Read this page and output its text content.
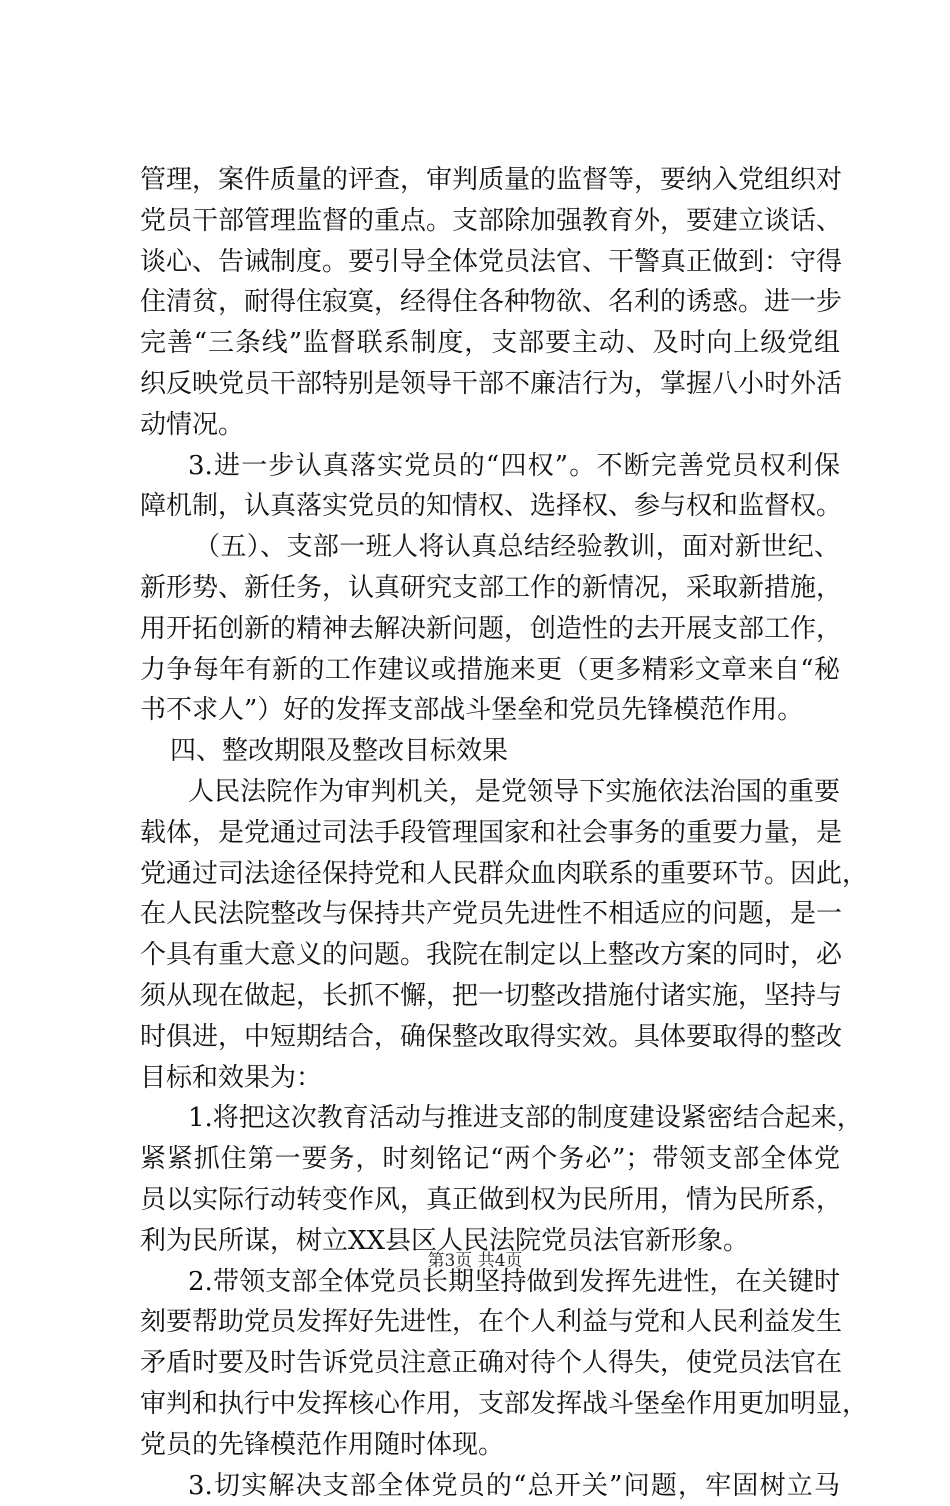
管理，案件质量的评查，审判质量的监督等，要纳入党组织对
党员干部管理监督的重点。支部除加强教育外，要建立谈话、
谈心、告诫制度。要引导全体党员法官、干警真正做到：守得
住清贫，耐得住寂寞，经得住各种物欲、名利的诱惑。进一步
完善“三条线”监督联系制度，支部要主动、及时向上级党组
织反映党员干部特别是领导干部不廉洁行为，掌握八小时外活
动情况。
3.进一步认真落实党员的“四权”。不断完善党员权利保
障机制，认真落实党员的知情权、选择权、参与权和监督权。
（五）、支部一班人将认真总结经验教训，面对新世纪、
新形势、新任务，认真研究支部工作的新情况，采取新措施，
用开拓创新的精神去解决新问题，创造性的去开展支部工作，
力争每年有新的工作建议或措施来更（更多精彩文章来自“秘
书不求人”）好的发挥支部战斗堡垒和党员先锋模范作用。
四、整改期限及整改目标效果
人民法院作为审判机关，是党领导下实施依法治国的重要
载体，是党通过司法手段管理国家和社会事务的重要力量，是
党通过司法途径保持党和人民群众血肉联系的重要环节。因此，
在人民法院整改与保持共产党员先进性不相适应的问题，是一
个具有重大意义的问题。我院在制定以上整改方案的同时，必
须从现在做起，长抓不懈，把一切整改措施付诸实施，坚持与
时俱进，中短期结合，确保整改取得实效。具体要取得的整改
目标和效果为：
1.将把这次教育活动与推进支部的制度建设紧密结合起来，
紧紧抓住第一要务，时刻铭记“两个务必”；带领支部全体党
员以实际行动转变作风，真正做到权为民所用，情为民所系，
利为民所谋，树立XX县区人民法院党员法官新形象。
2.带领支部全体党员长期坚持做到发挥先进性，在关键时
刻要帮助党员发挥好先进性，在个人利益与党和人民利益发生
矛盾时要及时告诉党员注意正确对待个人得失，使党员法官在
审判和执行中发挥核心作用，支部发挥战斗堡垒作用更加明显，
党员的先锋模范作用随时体现。
3.切实解决支部全体党员的“总开关”问题，牢固树立马
第3页 共4页
